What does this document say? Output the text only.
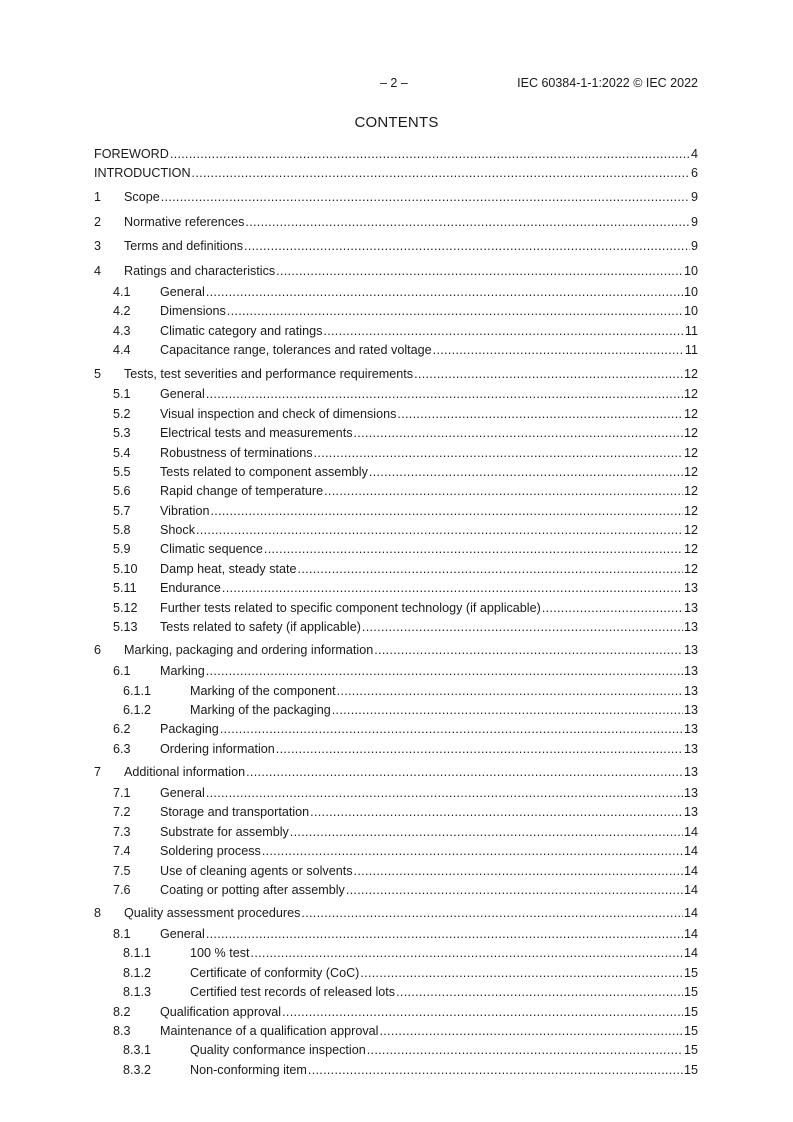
– 2 –	IEC 60384-1-1:2022 © IEC 2022
CONTENTS
FOREWORD .....	4
INTRODUCTION .....	6
1 Scope .....	9
2 Normative references .....	9
3 Terms and definitions .....	9
4 Ratings and characteristics .....	10
4.1 General .....	10
4.2 Dimensions .....	10
4.3 Climatic category and ratings .....	11
4.4 Capacitance range, tolerances and rated voltage .....	11
5 Tests, test severities and performance requirements .....	12
5.1 General .....	12
5.2 Visual inspection and check of dimensions .....	12
5.3 Electrical tests and measurements .....	12
5.4 Robustness of terminations .....	12
5.5 Tests related to component assembly .....	12
5.6 Rapid change of temperature .....	12
5.7 Vibration .....	12
5.8 Shock .....	12
5.9 Climatic sequence .....	12
5.10 Damp heat, steady state .....	12
5.11 Endurance .....	13
5.12 Further tests related to specific component technology (if applicable) .....	13
5.13 Tests related to safety (if applicable) .....	13
6 Marking, packaging and ordering information .....	13
6.1 Marking .....	13
6.1.1	Marking of the component .....	13
6.1.2	Marking of the packaging .....	13
6.2 Packaging .....	13
6.3 Ordering information .....	13
7 Additional information .....	13
7.1 General .....	13
7.2 Storage and transportation .....	13
7.3 Substrate for assembly .....	14
7.4 Soldering process .....	14
7.5 Use of cleaning agents or solvents .....	14
7.6 Coating or potting after assembly .....	14
8 Quality assessment procedures .....	14
8.1 General .....	14
8.1.1	100 % test .....	14
8.1.2	Certificate of conformity (CoC) .....	15
8.1.3	Certified test records of released lots .....	15
8.2 Qualification approval .....	15
8.3 Maintenance of a qualification approval .....	15
8.3.1	Quality conformance inspection .....	15
8.3.2	Non-conforming item .....	15
